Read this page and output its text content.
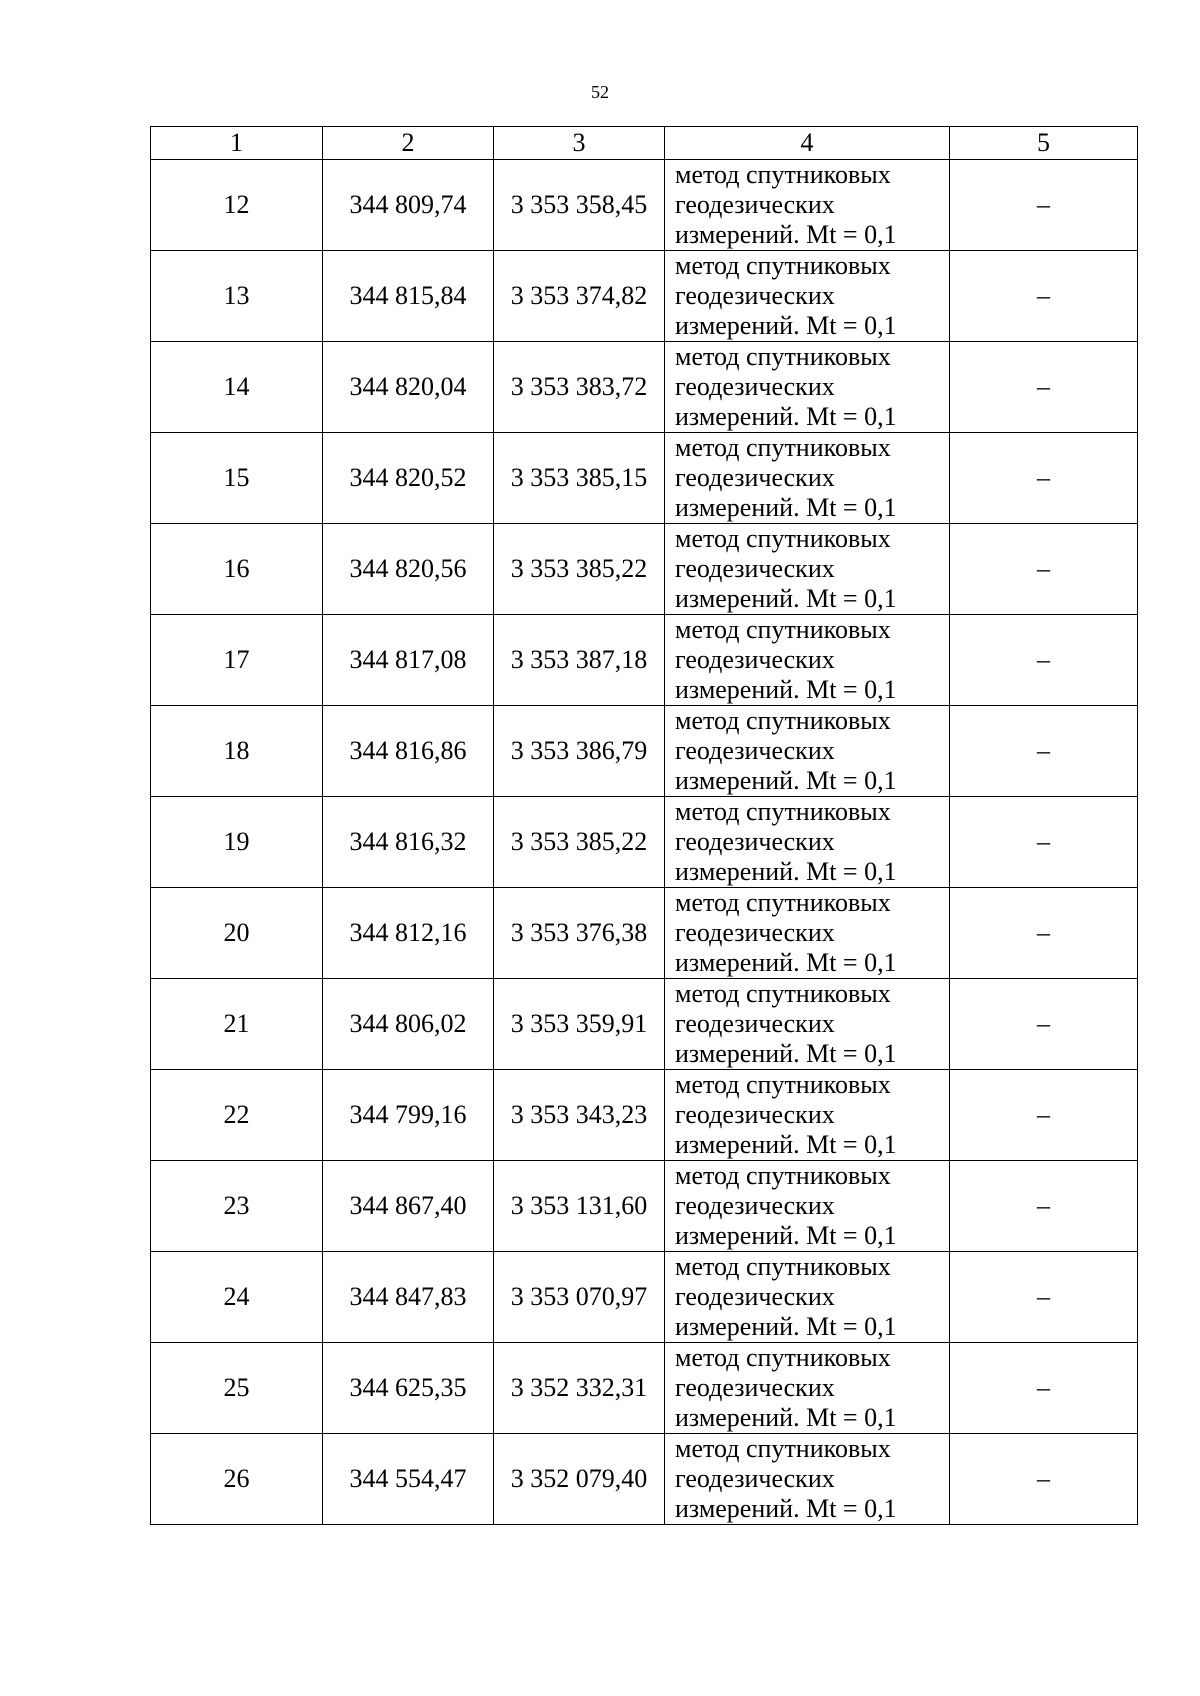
52
1	2	3	4	5
12	344 809,74	3 353 358,45	метод спутниковых
геодезических
измерений. Mt = 0,1	–
13	344 815,84	3 353 374,82	метод спутниковых
геодезических
измерений. Mt = 0,1	–
14	344 820,04	3 353 383,72	метод спутниковых
геодезических
измерений. Mt = 0,1	–
15	344 820,52	3 353 385,15	метод спутниковых
геодезических
измерений. Mt = 0,1	–
16	344 820,56	3 353 385,22	метод спутниковых
геодезических
измерений. Mt = 0,1	–
17	344 817,08	3 353 387,18	метод спутниковых
геодезических
измерений. Mt = 0,1	–
18	344 816,86	3 353 386,79	метод спутниковых
геодезических
измерений. Mt = 0,1	–
19	344 816,32	3 353 385,22	метод спутниковых
геодезических
измерений. Mt = 0,1	–
20	344 812,16	3 353 376,38	метод спутниковых
геодезических
измерений. Mt = 0,1	–
21	344 806,02	3 353 359,91	метод спутниковых
геодезических
измерений. Mt = 0,1	–
22	344 799,16	3 353 343,23	метод спутниковых
геодезических
измерений. Mt = 0,1	–
23	344 867,40	3 353 131,60	метод спутниковых
геодезических
измерений. Mt = 0,1	–
24	344 847,83	3 353 070,97	метод спутниковых
геодезических
измерений. Mt = 0,1	–
25	344 625,35	3 352 332,31	метод спутниковых
геодезических
измерений. Mt = 0,1	–
26	344 554,47	3 352 079,40	метод спутниковых
геодезических
измерений. Mt = 0,1	–
